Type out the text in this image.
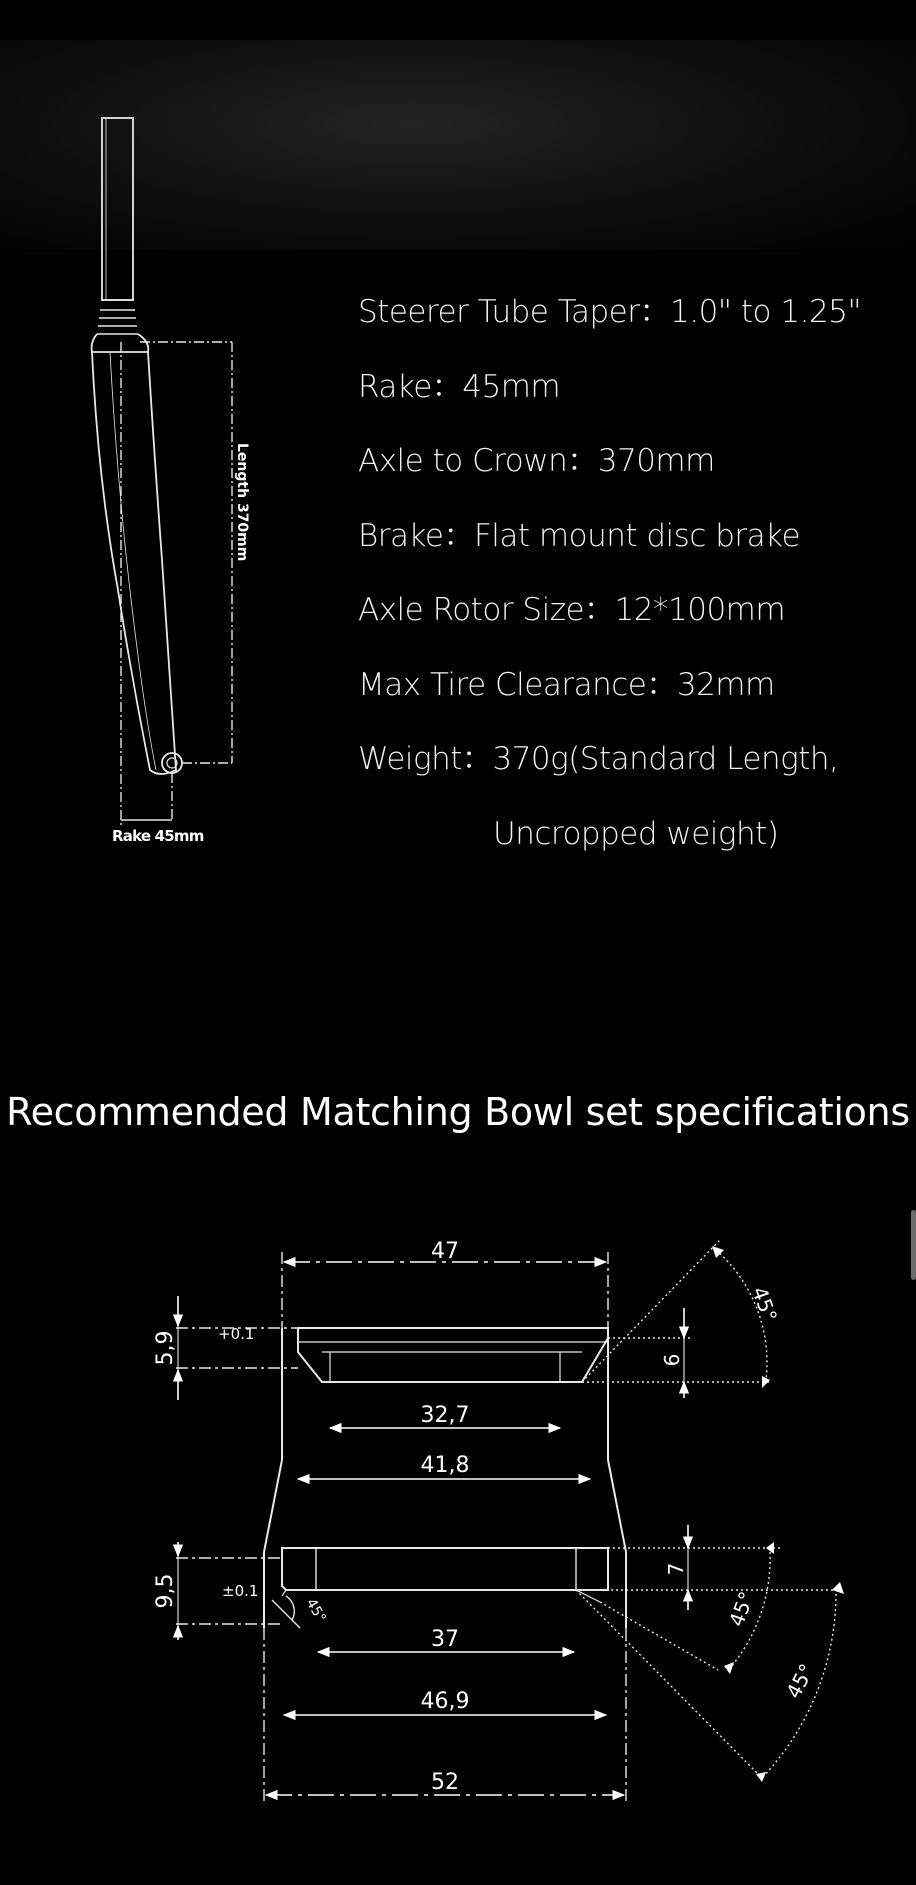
Length 370mm
Rake 45mm
Steerer Tube Taper：1.0" to 1.25"
Rake：45mm
Axle to Crown：370mm
Brake：Flat mount disc brake
Axle Rotor Size：12*100mm
Max Tire Clearance：32mm
Weight：370g(Standard Length,
Uncropped weight)
Recommended Matching Bowl set specifications
47
32,7
41,8
37
46,9
52
5,9	+0.1
9,5	±0.1
6
7
45°
45°
45°
45°
